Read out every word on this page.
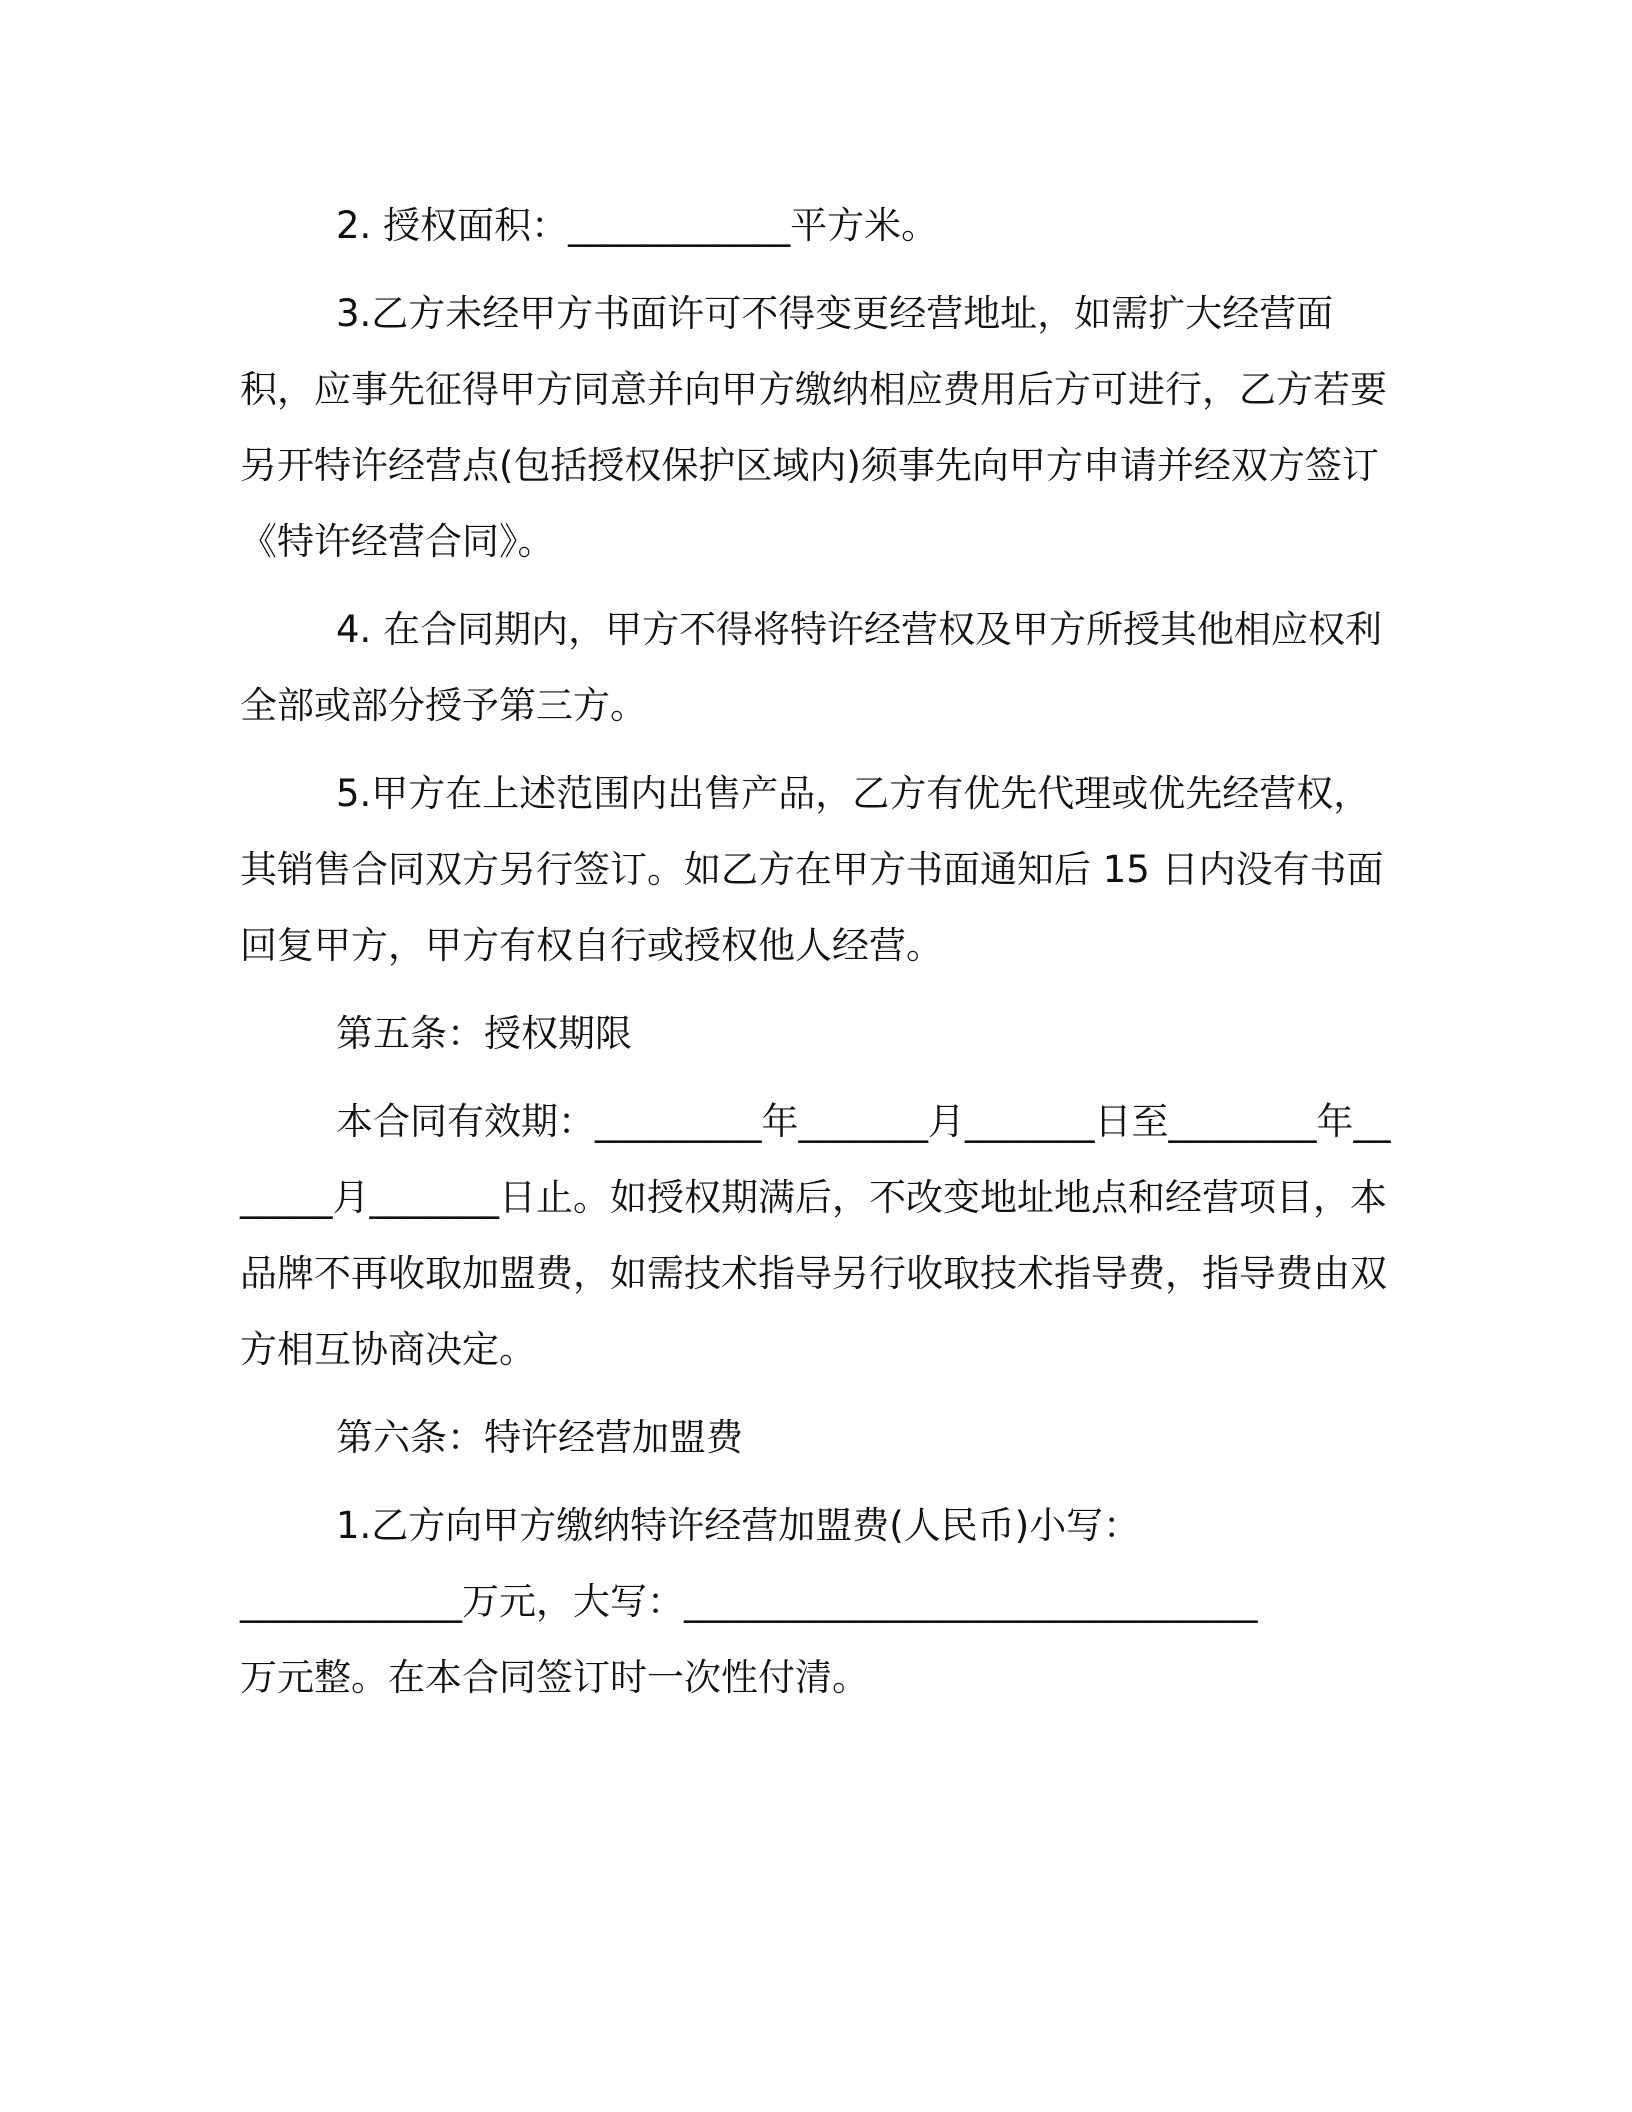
2. 授权面积：____________平方米。

3.乙方未经甲方书面许可不得变更经营地址，如需扩大经营面积，应事先征得甲方同意并向甲方缴纳相应费用后方可进行，乙方若要另开特许经营点(包括授权保护区域内)须事先向甲方申请并经双方签订《特许经营合同》。

4. 在合同期内，甲方不得将特许经营权及甲方所授其他相应权利全部或部分授予第三方。

5.甲方在上述范围内出售产品，乙方有优先代理或优先经营权，其销售合同双方另行签订。如乙方在甲方书面通知后 15 日内没有书面回复甲方，甲方有权自行或授权他人经营。

第五条：授权期限

本合同有效期：_________年_______月_______日至________年_______月_______日止。如授权期满后，不改变地址地点和经营项目，本品牌不再收取加盟费，如需技术指导另行收取技术指导费，指导费由双方相互协商决定。

第六条：特许经营加盟费

1.乙方向甲方缴纳特许经营加盟费(人民币)小写：

____________万元，大写：_______________________________

万元整。在本合同签订时一次性付清。
